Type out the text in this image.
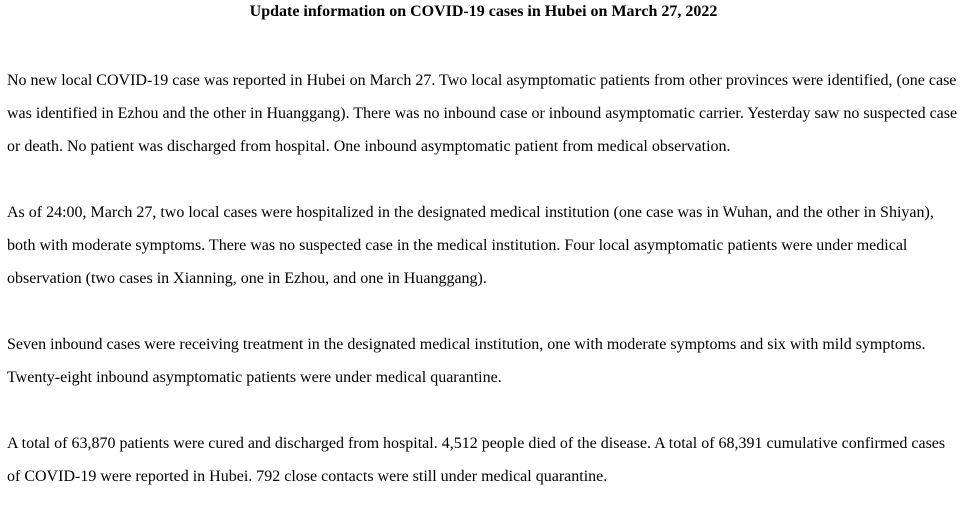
Update information on COVID-19 cases in Hubei on March 27, 2022

No new local COVID-19 case was reported in Hubei on March 27. Two local asymptomatic patients from other provinces were identified, (one case was identified in Ezhou and the other in Huanggang). There was no inbound case or inbound asymptomatic carrier. Yesterday saw no suspected case or death. No patient was discharged from hospital. One inbound asymptomatic patient from medical observation.

As of 24:00, March 27, two local cases were hospitalized in the designated medical institution (one case was in Wuhan, and the other in Shiyan), both with moderate symptoms. There was no suspected case in the medical institution. Four local asymptomatic patients were under medical observation (two cases in Xianning, one in Ezhou, and one in Huanggang).

Seven inbound cases were receiving treatment in the designated medical institution, one with moderate symptoms and six with mild symptoms. Twenty-eight inbound asymptomatic patients were under medical quarantine.

A total of 63,870 patients were cured and discharged from hospital. 4,512 people died of the disease. A total of 68,391 cumulative confirmed cases of COVID-19 were reported in Hubei. 792 close contacts were still under medical quarantine.
